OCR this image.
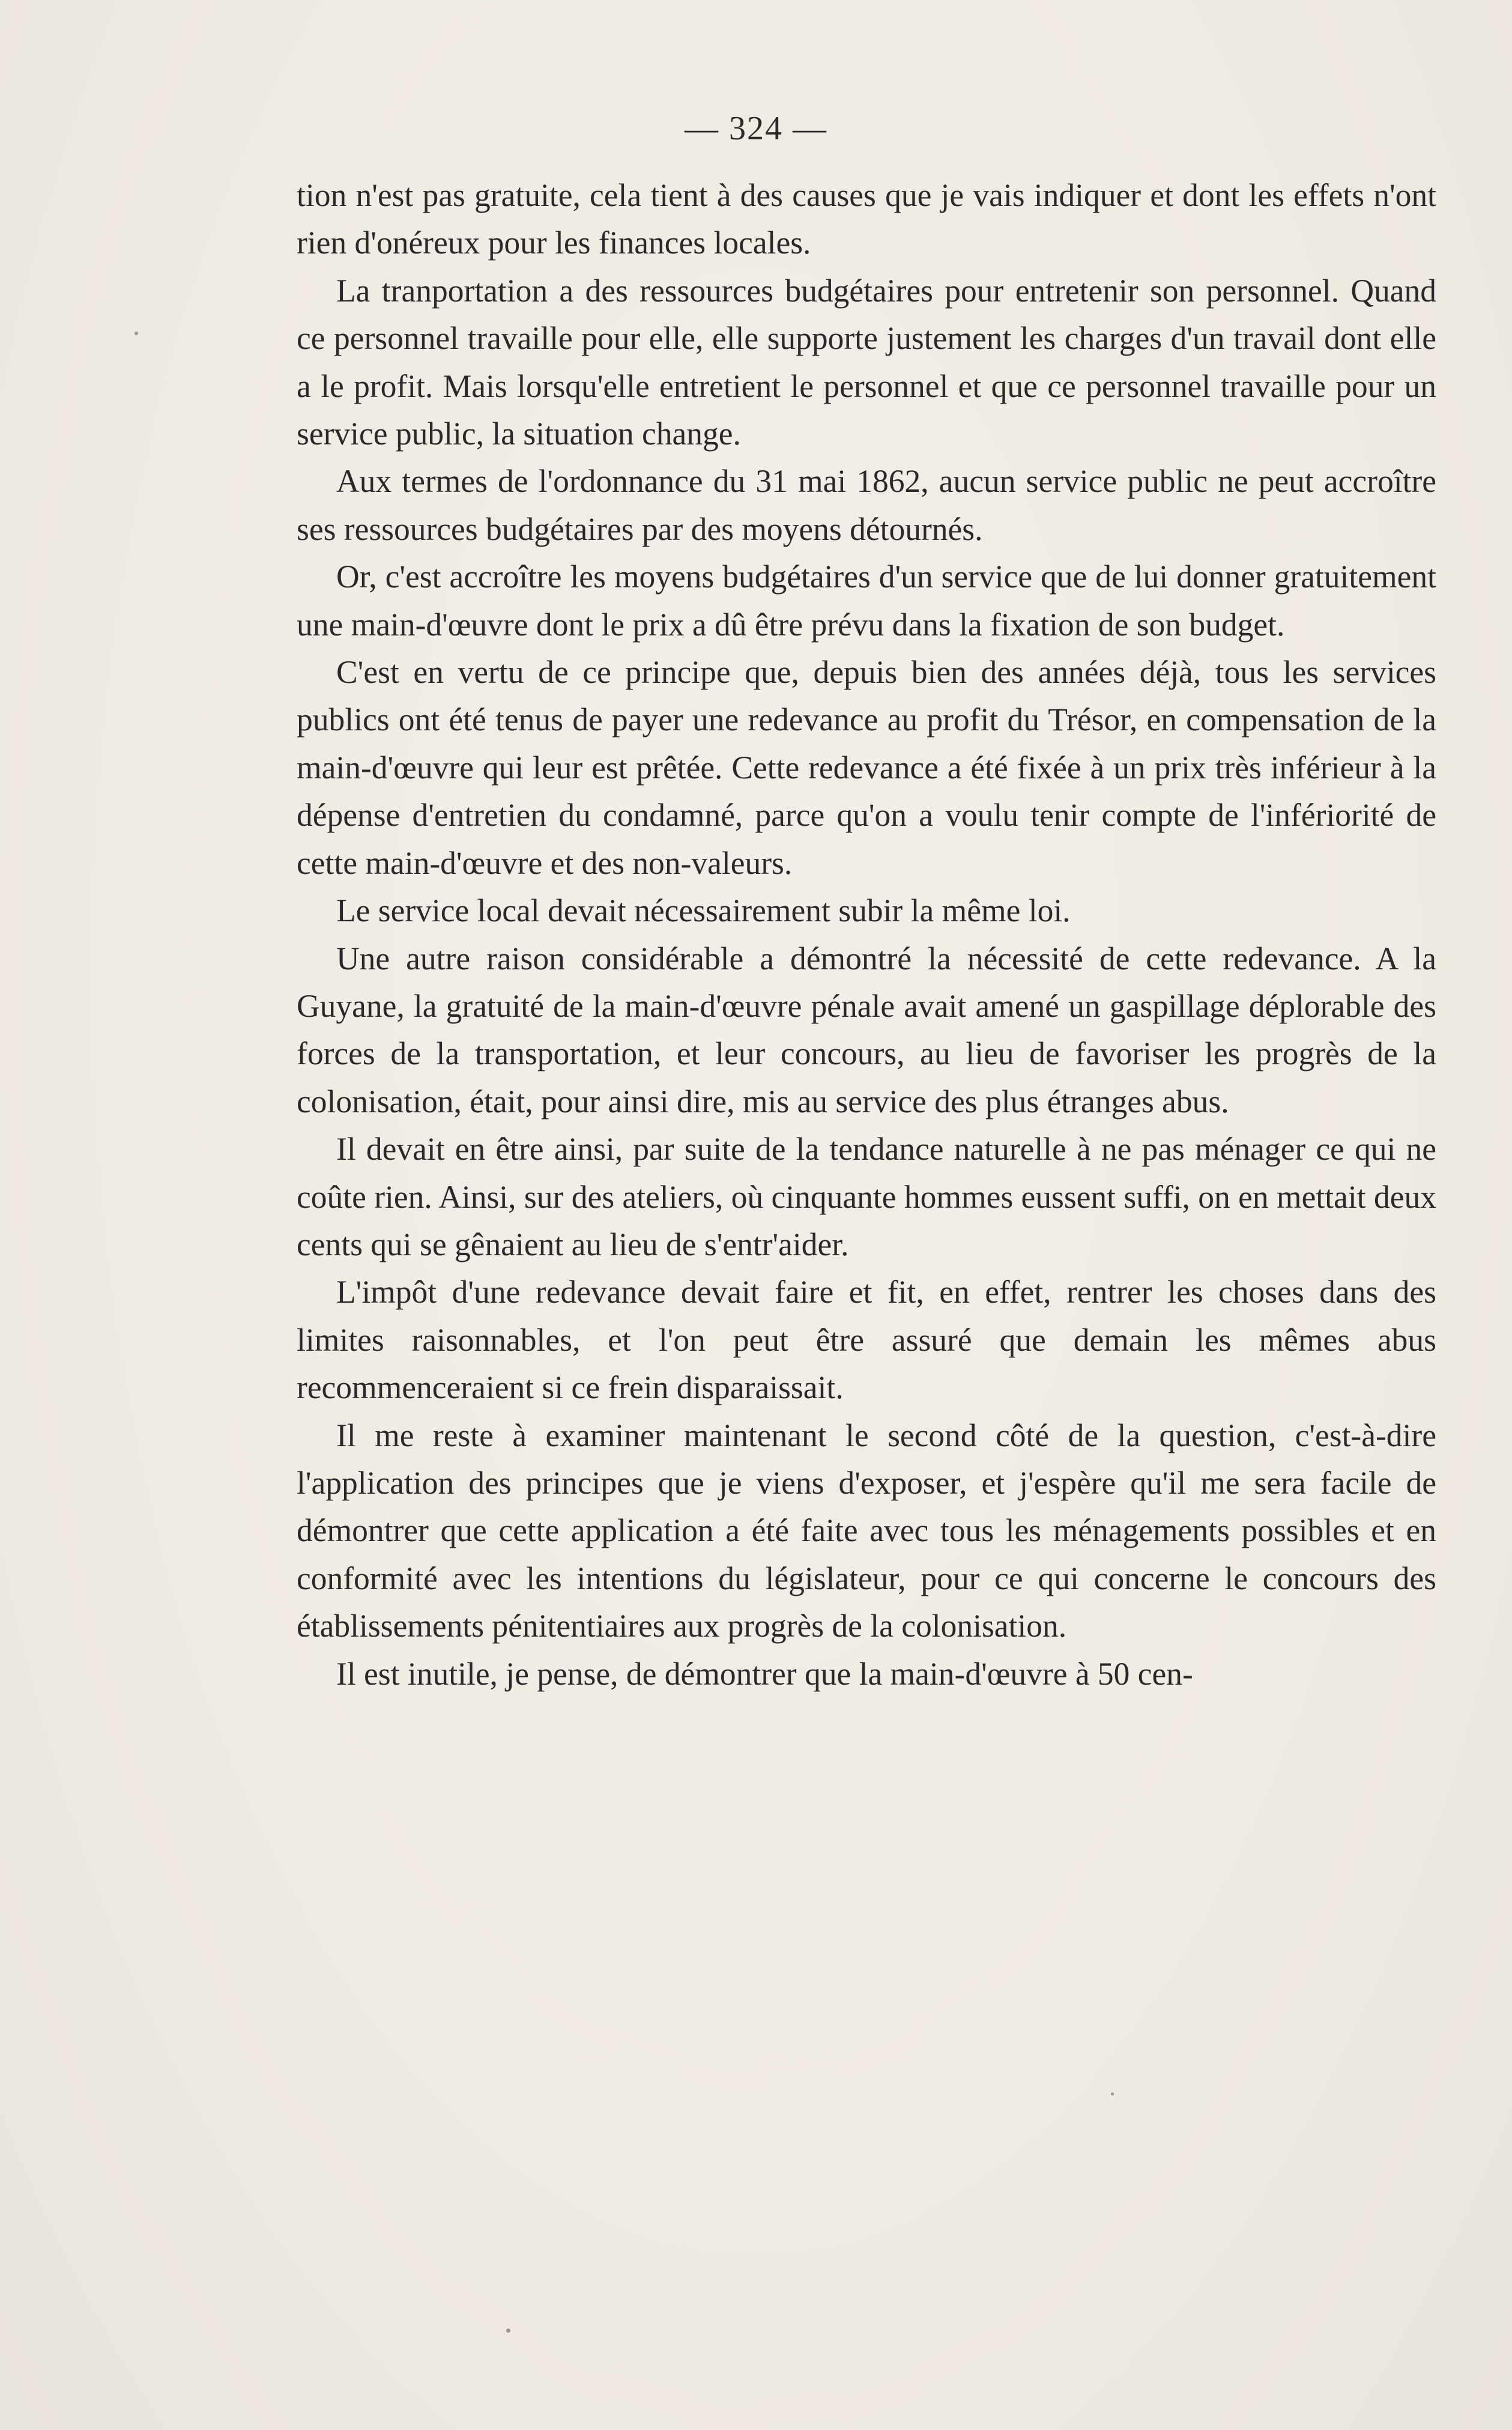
— 324 —

tion n'est pas gratuite, cela tient à des causes que je vais indiquer et dont les effets n'ont rien d'onéreux pour les finances locales.

La tranportation a des ressources budgétaires pour entretenir son personnel. Quand ce personnel travaille pour elle, elle supporte justement les charges d'un travail dont elle a le profit. Mais lorsqu'elle entretient le personnel et que ce personnel travaille pour un service public, la situation change.

Aux termes de l'ordonnance du 31 mai 1862, aucun service public ne peut accroître ses ressources budgétaires par des moyens détournés.

Or, c'est accroître les moyens budgétaires d'un service que de lui donner gratuitement une main-d'œuvre dont le prix a dû être prévu dans la fixation de son budget.

C'est en vertu de ce principe que, depuis bien des années déjà, tous les services publics ont été tenus de payer une redevance au profit du Trésor, en compensation de la main-d'œuvre qui leur est prêtée. Cette redevance a été fixée à un prix très inférieur à la dépense d'entretien du condamné, parce qu'on a voulu tenir compte de l'infériorité de cette main-d'œuvre et des non-valeurs.

Le service local devait nécessairement subir la même loi.

Une autre raison considérable a démontré la nécessité de cette redevance. A la Guyane, la gratuité de la main-d'œuvre pénale avait amené un gaspillage déplorable des forces de la transportation, et leur concours, au lieu de favoriser les progrès de la colonisation, était, pour ainsi dire, mis au service des plus étranges abus.

Il devait en être ainsi, par suite de la tendance naturelle à ne pas ménager ce qui ne coûte rien. Ainsi, sur des ateliers, où cinquante hommes eussent suffi, on en mettait deux cents qui se gênaient au lieu de s'entr'aider.

L'impôt d'une redevance devait faire et fit, en effet, rentrer les choses dans des limites raisonnables, et l'on peut être assuré que demain les mêmes abus recommenceraient si ce frein disparaissait.

Il me reste à examiner maintenant le second côté de la question, c'est-à-dire l'application des principes que je viens d'exposer, et j'espère qu'il me sera facile de démontrer que cette application a été faite avec tous les ménagements possibles et en conformité avec les intentions du législateur, pour ce qui concerne le concours des établissements pénitentiaires aux progrès de la colonisation.

Il est inutile, je pense, de démontrer que la main-d'œuvre à 50 cen-
